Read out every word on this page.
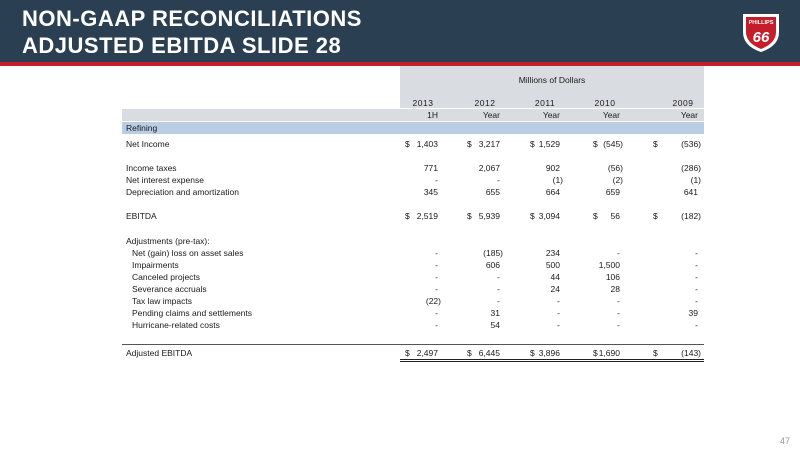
NON-GAAP RECONCILIATIONS
ADJUSTED EBITDA SLIDE 28
PHILLIPS
66
Millions of Dollars
Refining
2013	2012	2011	2010	2009
1H	Year	Year	Year	Year
Net Income	1,403	3,217	1,529	(545)	(536)
$	$	$	$	$
Income taxes	771	2,067	902	(56)	(286)
Net interest expense	-	-	(1)	(2)	(1)
Depreciation and amortization	345	655	664	659	641
EBITDA	2,519	5,939	3,094	56	(182)
$	$	$	$	$
Adjustments (pre-tax):
Net (gain) loss on asset sales	-	(185)	234	-	-
Impairments	-	606	500	1,500	-
Canceled projects	-	-	44	106	-
Severance accruals	-	-	24	28	-
Tax law impacts	(22)	-	-	-	-
Pending claims and settlements	-	31	-	-	39
Hurricane-related costs	-	54	-	-	-
Adjusted EBITDA	2,497	6,445	3,896	1,690	(143)
$	$	$	$	$
47
